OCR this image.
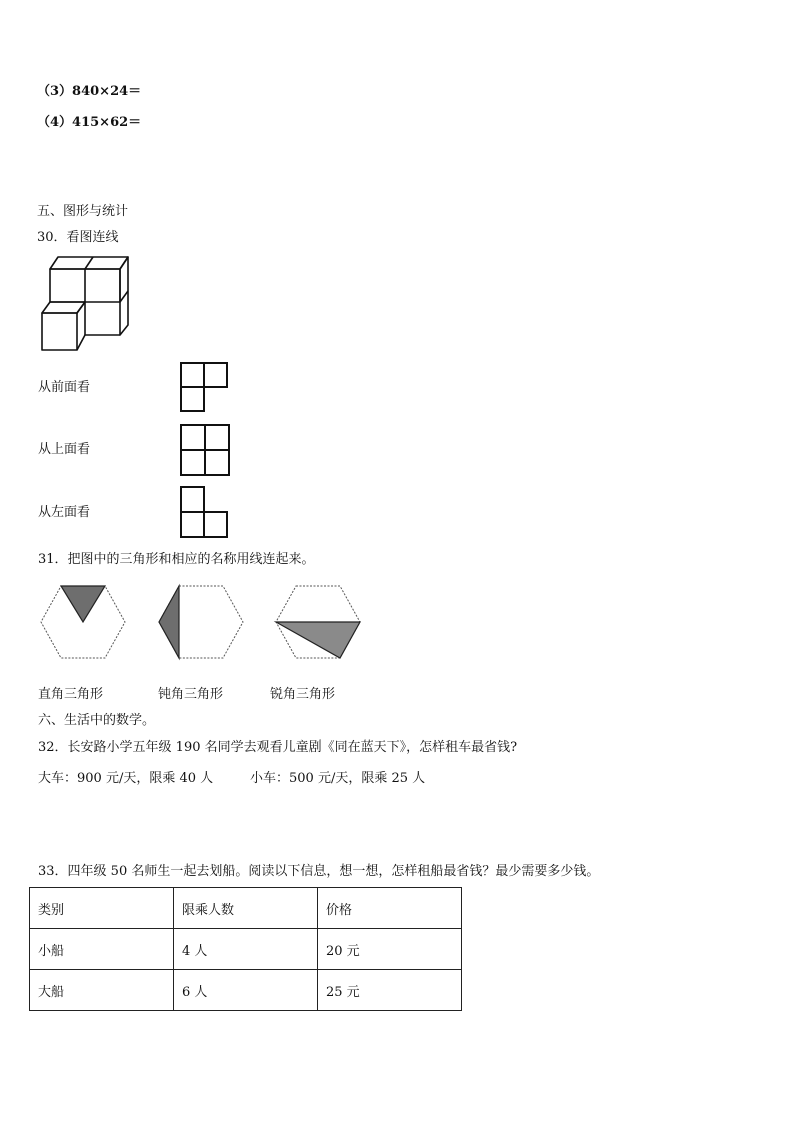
（3）840×24＝
（4）415×62＝
五、图形与统计
30．看图连线
从前面看
从上面看
从左面看
31．把图中的三角形和相应的名称用线连起来。
直角三角形	钝角三角形	锐角三角形
六、生活中的数学。
32．长安路小学五年级 190 名同学去观看儿童剧《同在蓝天下》，怎样租车最省钱?
大车：900 元/天，限乘 40 人	小车：500 元/天，限乘 25 人
33．四年级 50 名师生一起去划船。阅读以下信息，想一想，怎样租船最省钱？最少需要多少钱。
类别	限乘人数	价格
小船	4 人	20 元
大船	6 人	25 元
